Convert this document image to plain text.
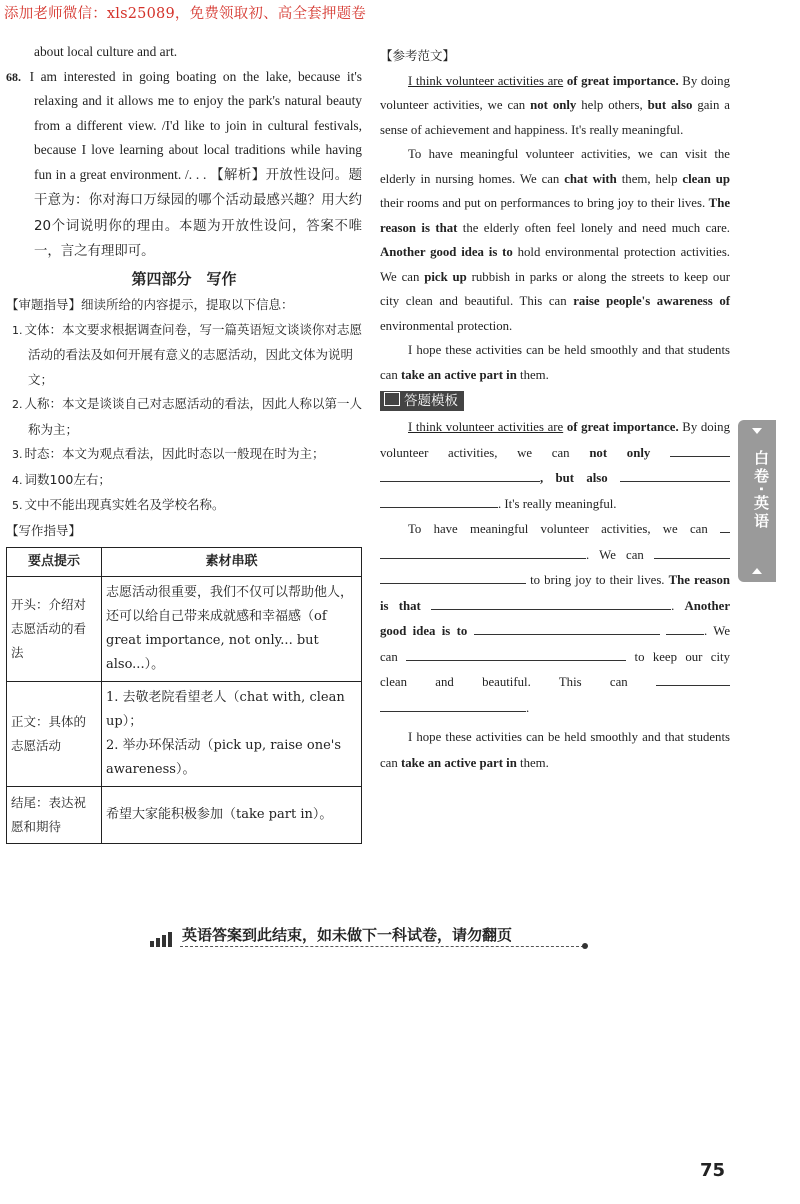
添加老师微信：xls25089，免费领取初、高全套押题卷

about local culture and art.

68. I am interested in going boating on the lake, because it's relaxing and it allows me to enjoy the park's natural beauty from a different view. /I'd like to join in cultural festivals, because I love learning about local traditions while having fun in a great environment. /. . . 【解析】开放性设问。题干意为：你对海口万绿园的哪个活动最感兴趣？用大约20个词说明你的理由。本题为开放性设问，答案不唯一，言之有理即可。

第四部分　写作

【审题指导】细读所给的内容提示，提取以下信息：

1. 文体：本文要求根据调查问卷，写一篇英语短文谈谈你对志愿活动的看法及如何开展有意义的志愿活动，因此文体为说明文；
2. 人称：本文是谈谈自己对志愿活动的看法，因此人称以第一人称为主；
3. 时态：本文为观点看法，因此时态以一般现在时为主；
4. 词数100左右；
5. 文中不能出现真实姓名及学校名称。

【写作指导】

要点提示	素材串联
开头：介绍对志愿活动的看法	志愿活动很重要，我们不仅可以帮助他人，还可以给自己带来成就感和幸福感（of great importance, not only... but also...）。
正文：具体的志愿活动	1. 去敬老院看望老人（chat with, clean up）；
2. 举办环保活动（pick up, raise one's awareness）。
结尾：表达祝愿和期待	希望大家能积极参加（take part in）。

【参考范文】

I think volunteer activities are of great importance. By doing volunteer activities, we can not only help others, but also gain a sense of achievement and happiness. It's really meaningful.

To have meaningful volunteer activities, we can visit the elderly in nursing homes. We can chat with them, help clean up their rooms and put on performances to bring joy to their lives. The reason is that the elderly often feel lonely and need much care. Another good idea is to hold environmental protection activities. We can pick up rubbish in parks or along the streets to keep our city clean and beautiful. This can raise people's awareness of environmental protection.

I hope these activities can be held smoothly and that students can take an active part in them.

答题模板

I think volunteer activities are of great importance. By doing volunteer activities, we can not only  , but also  . It's really meaningful.

To have meaningful volunteer activities, we can  . We can   to bring joy to their lives. The reason is that	. Another good idea is to	. We can	to keep our city clean and beautiful. This can  .

I hope these activities can be held smoothly and that students can take an active part in them.

白卷·英语
英语答案到此结束，如未做下一科试卷，请勿翻页
75
